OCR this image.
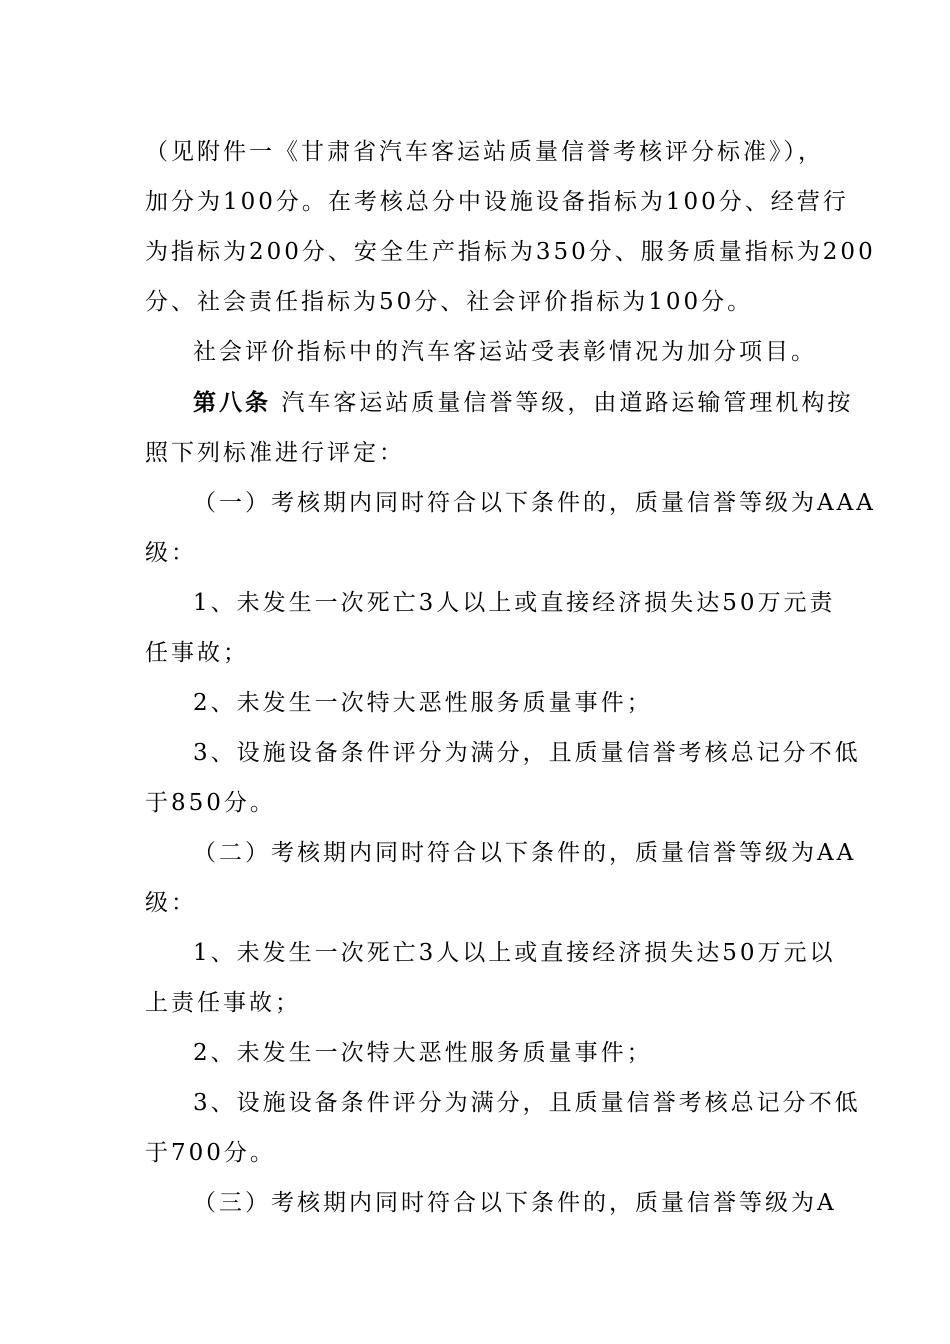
（见附件一《甘肃省汽车客运站质量信誉考核评分标准》），
加分为100分。在考核总分中设施设备指标为100分、经营行
为指标为200分、安全生产指标为350分、服务质量指标为200
分、社会责任指标为50分、社会评价指标为100分。
社会评价指标中的汽车客运站受表彰情况为加分项目。
第八条 汽车客运站质量信誉等级，由道路运输管理机构按
照下列标准进行评定：
（一）考核期内同时符合以下条件的，质量信誉等级为AAA
级：
1、未发生一次死亡3人以上或直接经济损失达50万元责
任事故；
2、未发生一次特大恶性服务质量事件；
3、设施设备条件评分为满分，且质量信誉考核总记分不低
于850分。
（二）考核期内同时符合以下条件的，质量信誉等级为AA
级：
1、未发生一次死亡3人以上或直接经济损失达50万元以
上责任事故；
2、未发生一次特大恶性服务质量事件；
3、设施设备条件评分为满分，且质量信誉考核总记分不低
于700分。
（三）考核期内同时符合以下条件的，质量信誉等级为A
